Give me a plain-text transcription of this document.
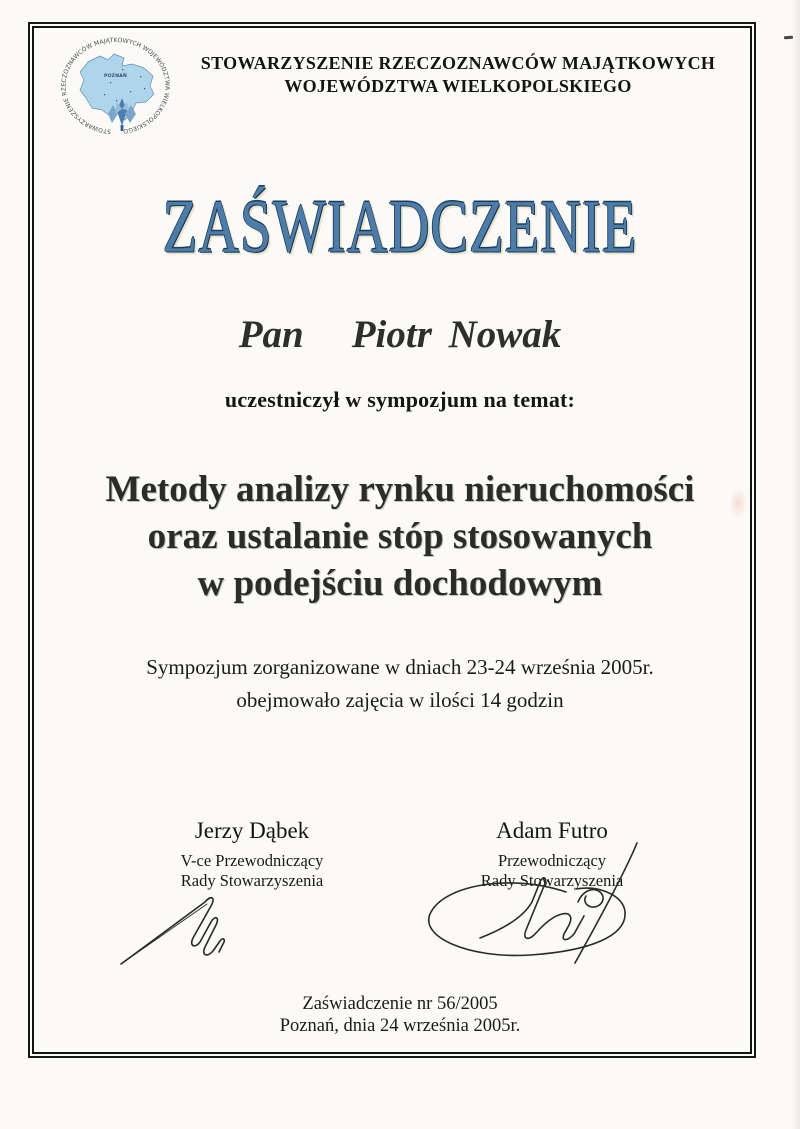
POZNAŃ
STOWARZYSZENIE RZECZOZNAWCÓW MAJĄTKOWYCH WOJEWÓDZTWA WIELKOPOLSKIEGO
STOWARZYSZENIE RZECZOZNAWCÓW MAJĄTKOWYCH
WOJEWÓDZTWA WIELKOPOLSKIEGO
ZAŚWIADCZENIE
Pan Piotr Nowak
uczestniczył w sympozjum na temat:
Metody analizy rynku nieruchomości
oraz ustalanie stóp stosowanych
w podejściu dochodowym
Sympozjum zorganizowane w dniach 23-24 września 2005r.
obejmowało zajęcia w ilości 14 godzin
Jerzy Dąbek
V-ce Przewodniczący
Rady Stowarzyszenia
Adam Futro
Przewodniczący
Rady Stowarzyszenia
Zaświadczenie nr 56/2005
Poznań, dnia 24 września 2005r.
